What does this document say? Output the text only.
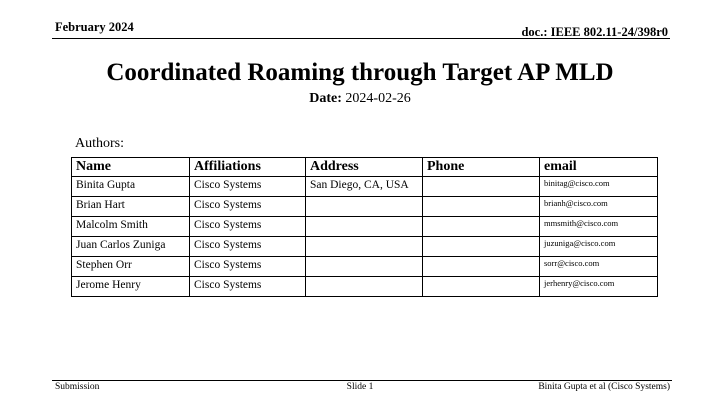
February 2024	doc.: IEEE 802.11-24/398r0
Coordinated Roaming through Target AP MLD
Date: 2024-02-26
Authors:
Name	Affiliations	Address	Phone	email
Binita Gupta	Cisco Systems	San Diego, CA, USA		binitag@cisco.com
Brian Hart	Cisco Systems			brianh@cisco.com
Malcolm Smith	Cisco Systems			mmsmith@cisco.com
Juan Carlos Zuniga	Cisco Systems			juzuniga@cisco.com
Stephen Orr	Cisco Systems			sorr@cisco.com
Jerome Henry	Cisco Systems			jerhenry@cisco.com
Submission	Slide 1	Binita Gupta et al (Cisco Systems)
